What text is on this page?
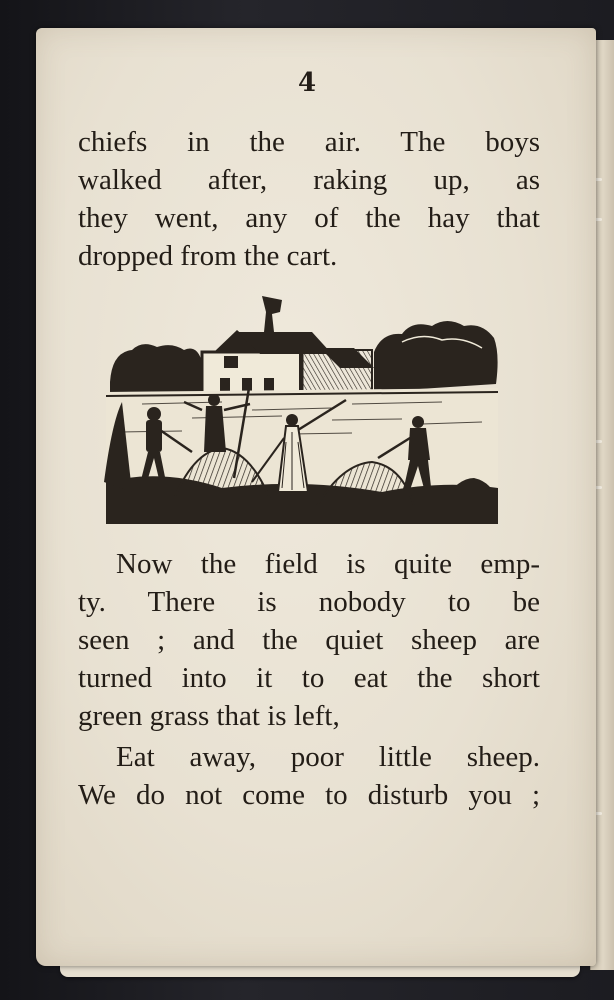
4
chiefs in the air. The boys
walked after, raking up, as
they went, any of the hay that
dropped from the cart.
Now the field is quite emp-
ty. There is nobody to be
seen ; and the quiet sheep are
turned into it to eat the short
green grass that is left,
Eat away, poor little sheep.
We do not come to disturb you ;
